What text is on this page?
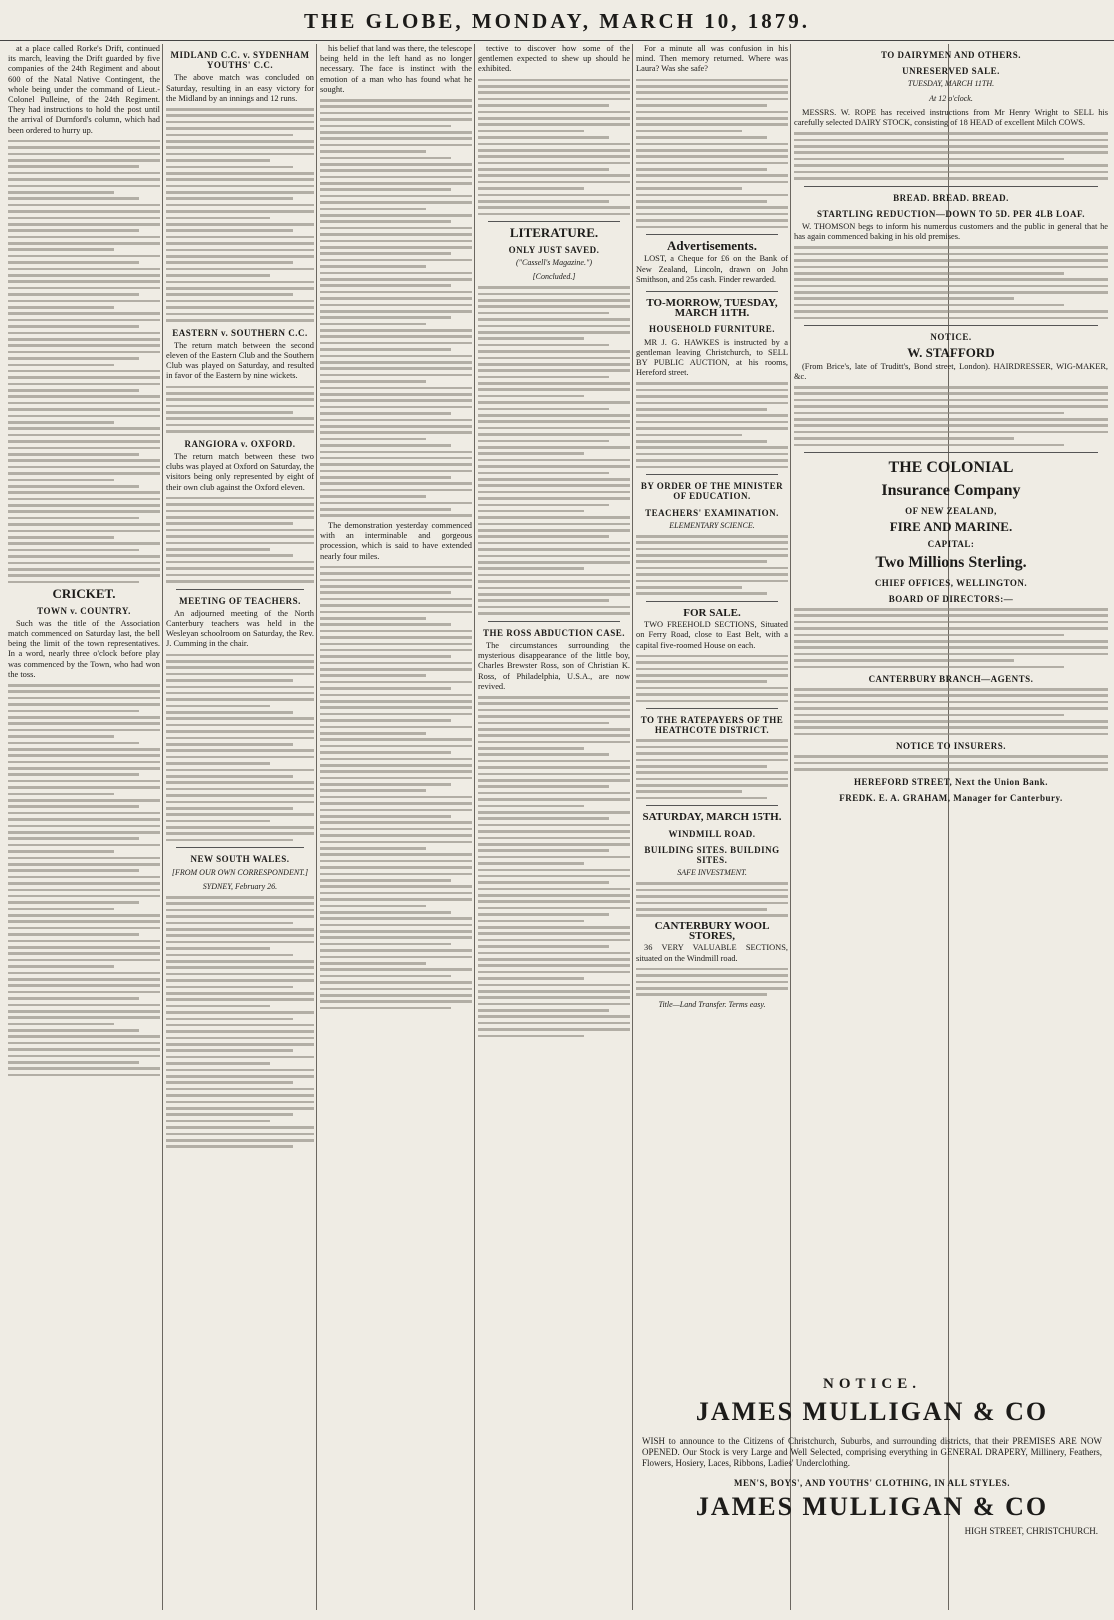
THE GLOBE, MONDAY, MARCH 10, 1879.

at a place called Rorke's Drift, continued its march, leaving the Drift guarded by five companies of the 24th Regiment and about 600 of the Natal Native Contingent, the whole being under the command of Lieut.-Colonel Pulleine, of the 24th Regiment. They had instructions to hold the post until the arrival of Durnford's column, which had been ordered to hurry up.

CRICKET.
TOWN v. COUNTRY.

Such was the title of the Association match commenced on Saturday last, the bell being the limit of the town representatives. In a word, nearly three o'clock before play was commenced by the Town, who had won the toss.

MIDLAND C.C. v. SYDENHAM YOUTHS' C.C.

The above match was concluded on Saturday, resulting in an easy victory for the Midland by an innings and 12 runs.

EASTERN v. SOUTHERN C.C.

The return match between the second eleven of the Eastern Club and the Southern Club was played on Saturday, and resulted in favor of the Eastern by nine wickets.

RANGIORA v. OXFORD.

The return match between these two clubs was played at Oxford on Saturday, the visitors being only represented by eight of their own club against the Oxford eleven.

MEETING OF TEACHERS.

An adjourned meeting of the North Canterbury teachers was held in the Wesleyan schoolroom on Saturday, the Rev. J. Cumming in the chair.

NEW SOUTH WALES.
[FROM OUR OWN CORRESPONDENT.]
SYDNEY, February 26.

his belief that land was there, the telescope being held in the left hand as no longer necessary. The face is instinct with the emotion of a man who has found what he sought.

The demonstration yesterday commenced with an interminable and gorgeous procession, which is said to have extended nearly four miles.

tective to discover how some of the gentlemen expected to shew up should he exhibited.

LITERATURE.
ONLY JUST SAVED.
("Cassell's Magazine.")
[Concluded.]
THE ROSS ABDUCTION CASE.

The circumstances surrounding the mysterious disappearance of the little boy, Charles Brewster Ross, son of Christian K. Ross, of Philadelphia, U.S.A., are now revived.

For a minute all was confusion in his mind. Then memory returned. Where was Laura? Was she safe?

Advertisements.

LOST, a Cheque for £6 on the Bank of New Zealand, Lincoln, drawn on John Smithson, and 25s cash. Finder rewarded.

TO-MORROW, TUESDAY, MARCH 11TH.
HOUSEHOLD FURNITURE.

MR J. G. HAWKES is instructed by a gentleman leaving Christchurch, to SELL BY PUBLIC AUCTION, at his rooms, Hereford street.

BY ORDER OF THE MINISTER OF EDUCATION.
TEACHERS' EXAMINATION.
ELEMENTARY SCIENCE.
FOR SALE.

TWO FREEHOLD SECTIONS, Situated on Ferry Road, close to East Belt, with a capital five-roomed House on each.

TO THE RATEPAYERS OF THE HEATHCOTE DISTRICT.
SATURDAY, MARCH 15TH.
WINDMILL ROAD.
BUILDING SITES. BUILDING SITES.
SAFE INVESTMENT.
CANTERBURY WOOL STORES,

36 VERY VALUABLE SECTIONS, situated on the Windmill road.

Title—Land Transfer. Terms easy.
TO DAIRYMEN AND OTHERS.
UNRESERVED SALE.
TUESDAY, MARCH 11TH.
At 12 o'clock.

MESSRS. W. ROPE has received instructions from Mr Henry Wright to SELL his carefully selected DAIRY STOCK, consisting of 18 HEAD of excellent Milch COWS.

BREAD. BREAD. BREAD.
STARTLING REDUCTION—DOWN TO 5D. PER 4LB LOAF.

W. THOMSON begs to inform his numerous customers and the public in general that he has again commenced baking in his old premises.

NOTICE.
W. STAFFORD

(From Brice's, late of Truditt's, Bond street, London). HAIRDRESSER, WIG-MAKER, &c.

THE COLONIAL
Insurance Company
OF NEW ZEALAND,
FIRE AND MARINE.
CAPITAL:
Two Millions Sterling.
CHIEF OFFICES, WELLINGTON.
BOARD OF DIRECTORS:—
CANTERBURY BRANCH—AGENTS.
NOTICE TO INSURERS.
HEREFORD STREET, Next the Union Bank.
FREDK. E. A. GRAHAM, Manager for Canterbury.
NOTICE.
JAMES MULLIGAN & CO

WISH to announce to the Citizens of Christchurch, Suburbs, and surrounding districts, that their PREMISES ARE NOW OPENED. Our Stock is very Large and Well Selected, comprising everything in GENERAL DRAPERY, Millinery, Feathers, Flowers, Hosiery, Laces, Ribbons, Ladies' Underclothing.

MEN'S, BOYS', AND YOUTHS' CLOTHING, IN ALL STYLES.
JAMES MULLIGAN & CO
HIGH STREET, CHRISTCHURCH.
